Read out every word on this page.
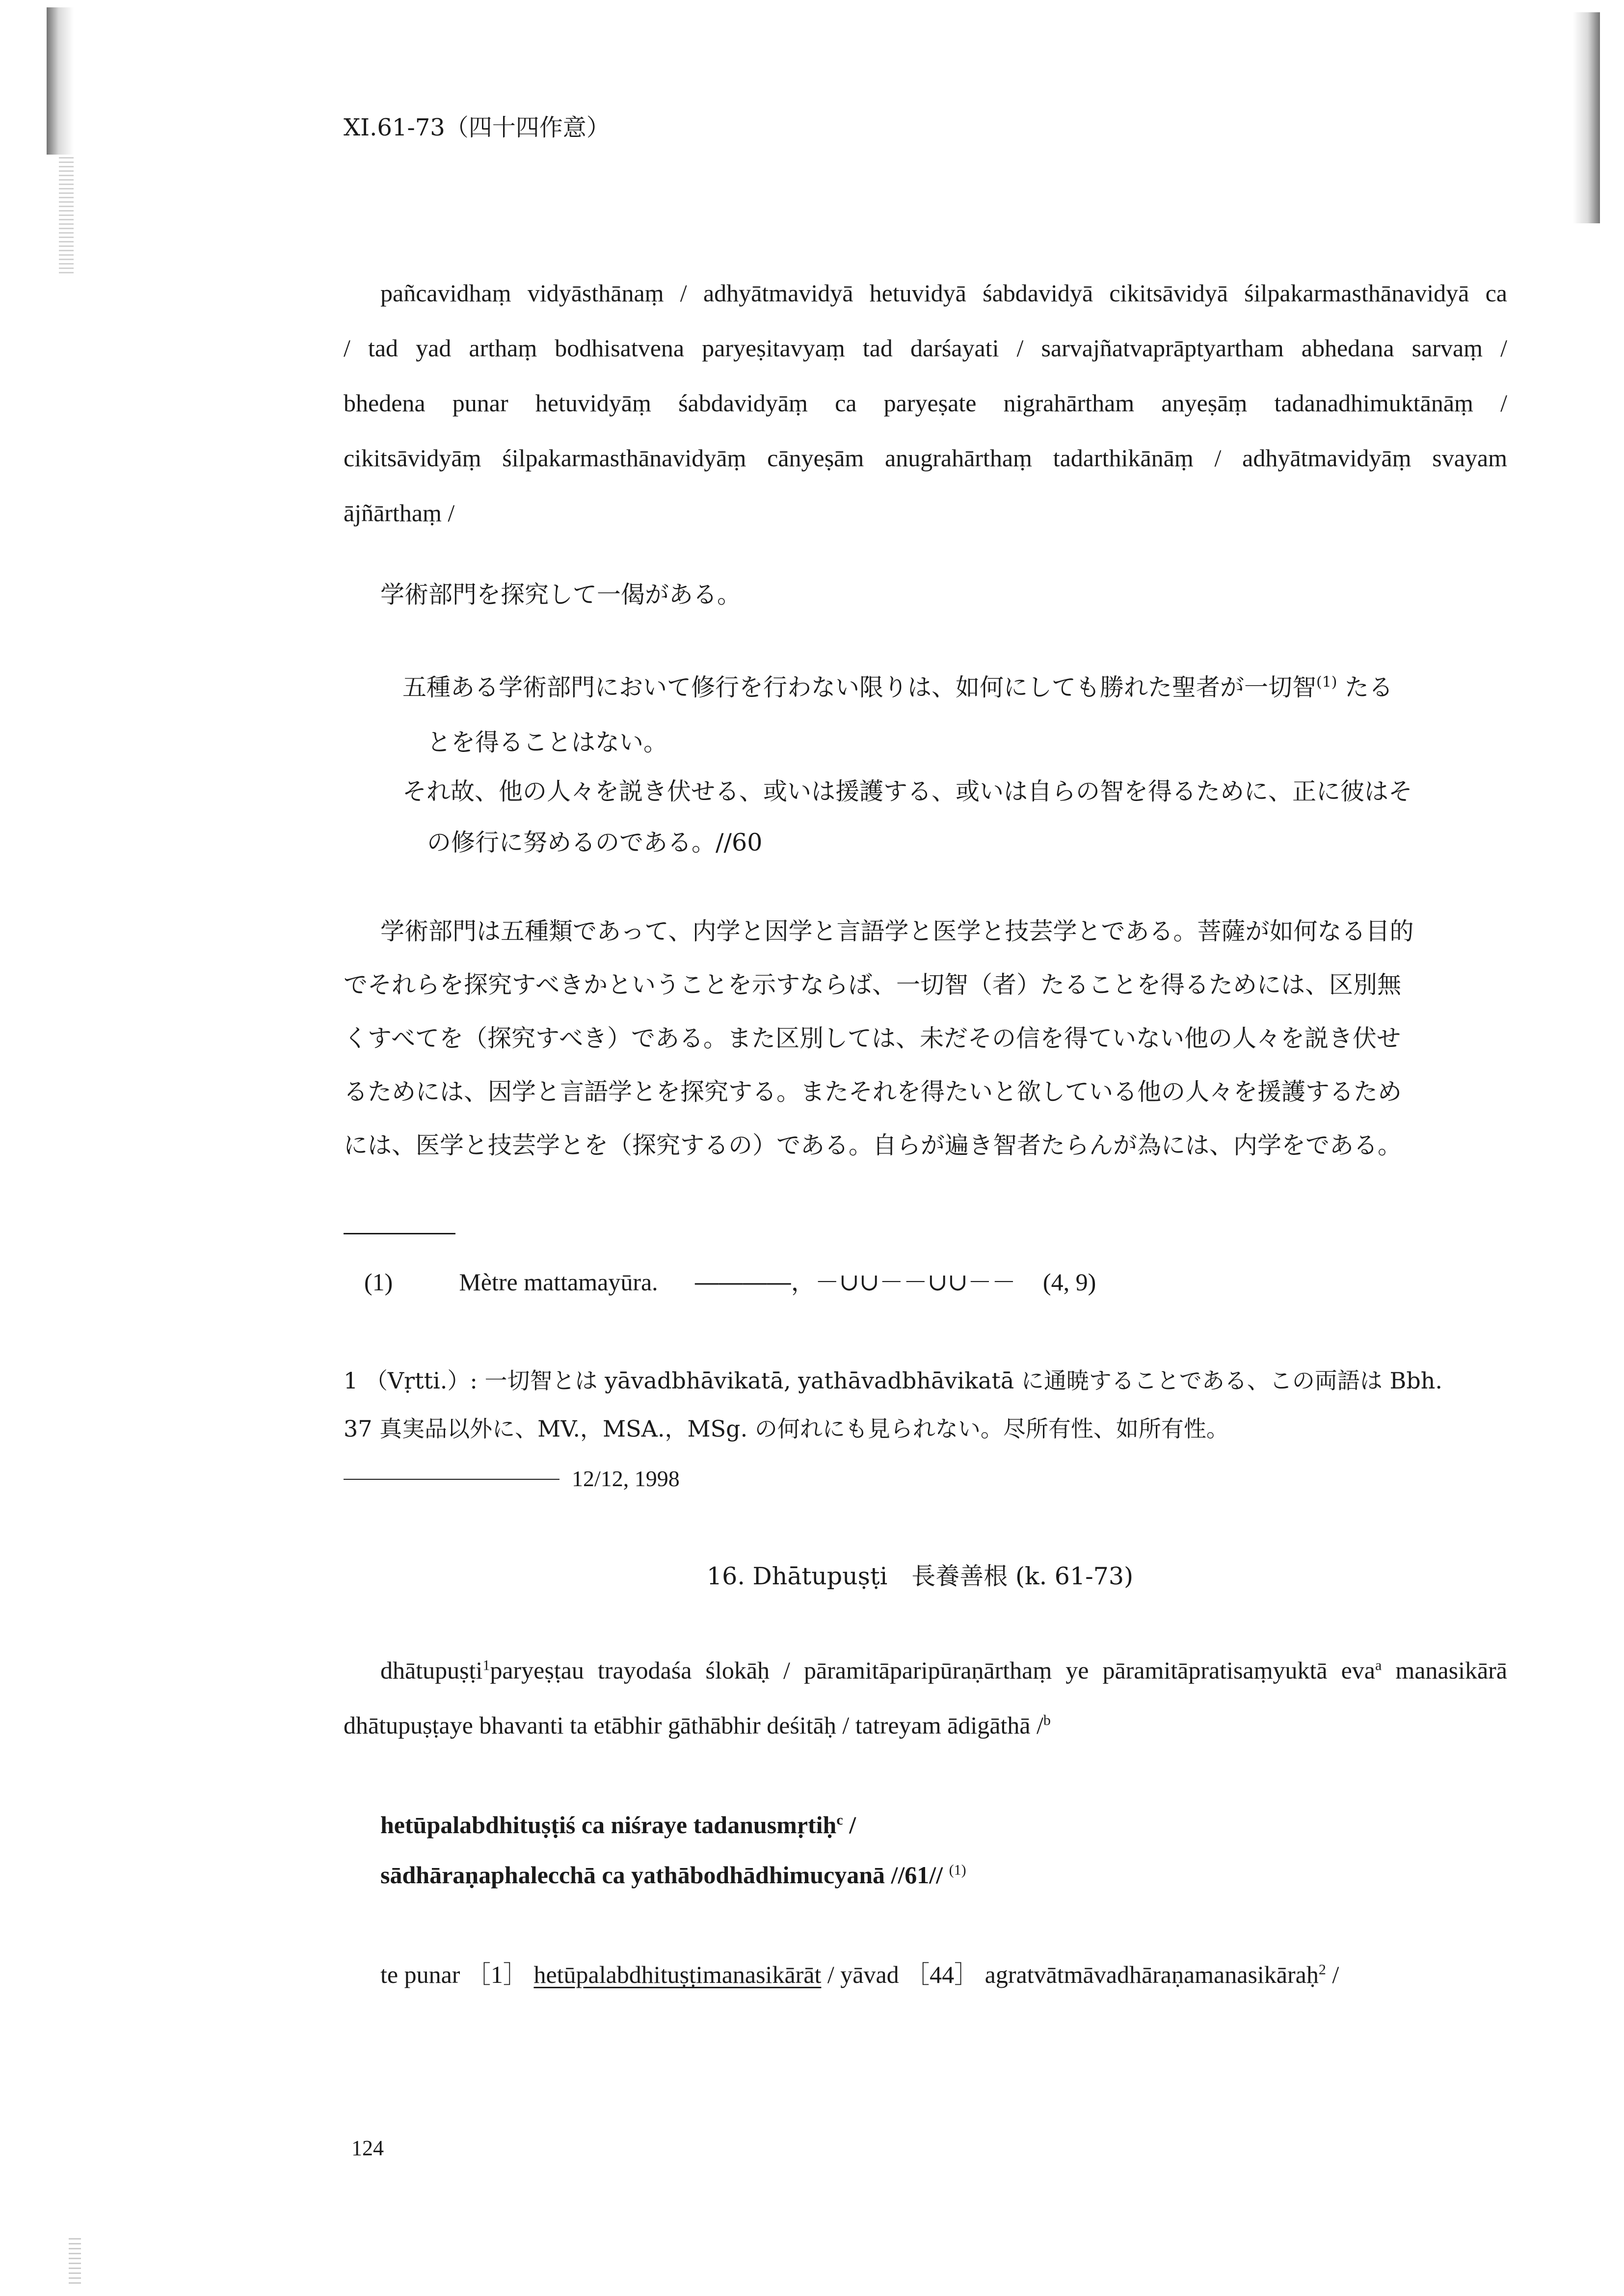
XI.61-73（四十四作意）
pañcavidhaṃ vidyāsthānaṃ / adhyātmavidyā hetuvidyā śabdavidyā cikitsāvidyā śilpakarmasthānavidyā ca
/ tad yad arthaṃ bodhisatvena paryeṣitavyaṃ tad darśayati / sarvajñatvaprāptyartham abhedana sarvaṃ /
bhedena punar hetuvidyāṃ śabdavidyāṃ ca paryeṣate nigrahārtham anyeṣāṃ tadanadhimuktānāṃ /
cikitsāvidyāṃ śilpakarmasthānavidyāṃ cānyeṣām anugrahārthaṃ tadarthikānāṃ / adhyātmavidyāṃ svayam
ājñārthaṃ /
学術部門を探究して一偈がある。
五種ある学術部門において修行を行わない限りは、如何にしても勝れた聖者が一切智$^{(1)}$ たる
とを得ることはない。
それ故、他の人々を説き伏せる、或いは援護する、或いは自らの智を得るために、正に彼はそ
の修行に努めるのである。//60
学術部門は五種類であって、内学と因学と言語学と医学と技芸学とである。菩薩が如何なる目的
でそれらを探究すべきかということを示すならば、一切智（者）たることを得るためには、区別無
くすべてを（探究すべき）である。また区別しては、未だその信を得ていない他の人々を説き伏せ
るためには、因学と言語学とを探究する。またそれを得たいと欲している他の人々を援護するため
には、医学と技芸学とを（探究するの）である。自らが遍き智者たらんが為には、内学をである。
(1)	Mètre mattamayūra. ――――，－∪∪－－∪∪－－ (4, 9)
1 （Vṛtti.）: 一切智とは yāvadbhāvikatā, yathāvadbhāvikatā に通暁することである、この両語は Bbh.
37 真実品以外に、MV.，MSA.，MSg. の何れにも見られない。尽所有性、如所有性。
12/12, 1998
16. Dhātupuṣṭi　長養善根 (k. 61-73)
dhātupuṣṭi$^1$paryeṣṭau trayodaśa ślokāḥ / pāramitāparipūraṇārthaṃ ye pāramitāpratisaṃyuktā eva$^a$ manasikārā
dhātupuṣṭaye bhavanti ta etābhir gāthābhir deśitāḥ / tatreyam ādigāthā /$^b$
hetūpalabdhituṣṭiś ca niśraye tadanusmṛtiḥ$^c$ /
sādhāraṇaphalecchā ca yathābodhādhimucyanā //61// $^{(1)}$
te punar ［1］ hetūpalabdhituṣṭimanasikārāt / yāvad ［44］ agratvātmāvadhāraṇamanasikāraḥ$^2$ /
124
